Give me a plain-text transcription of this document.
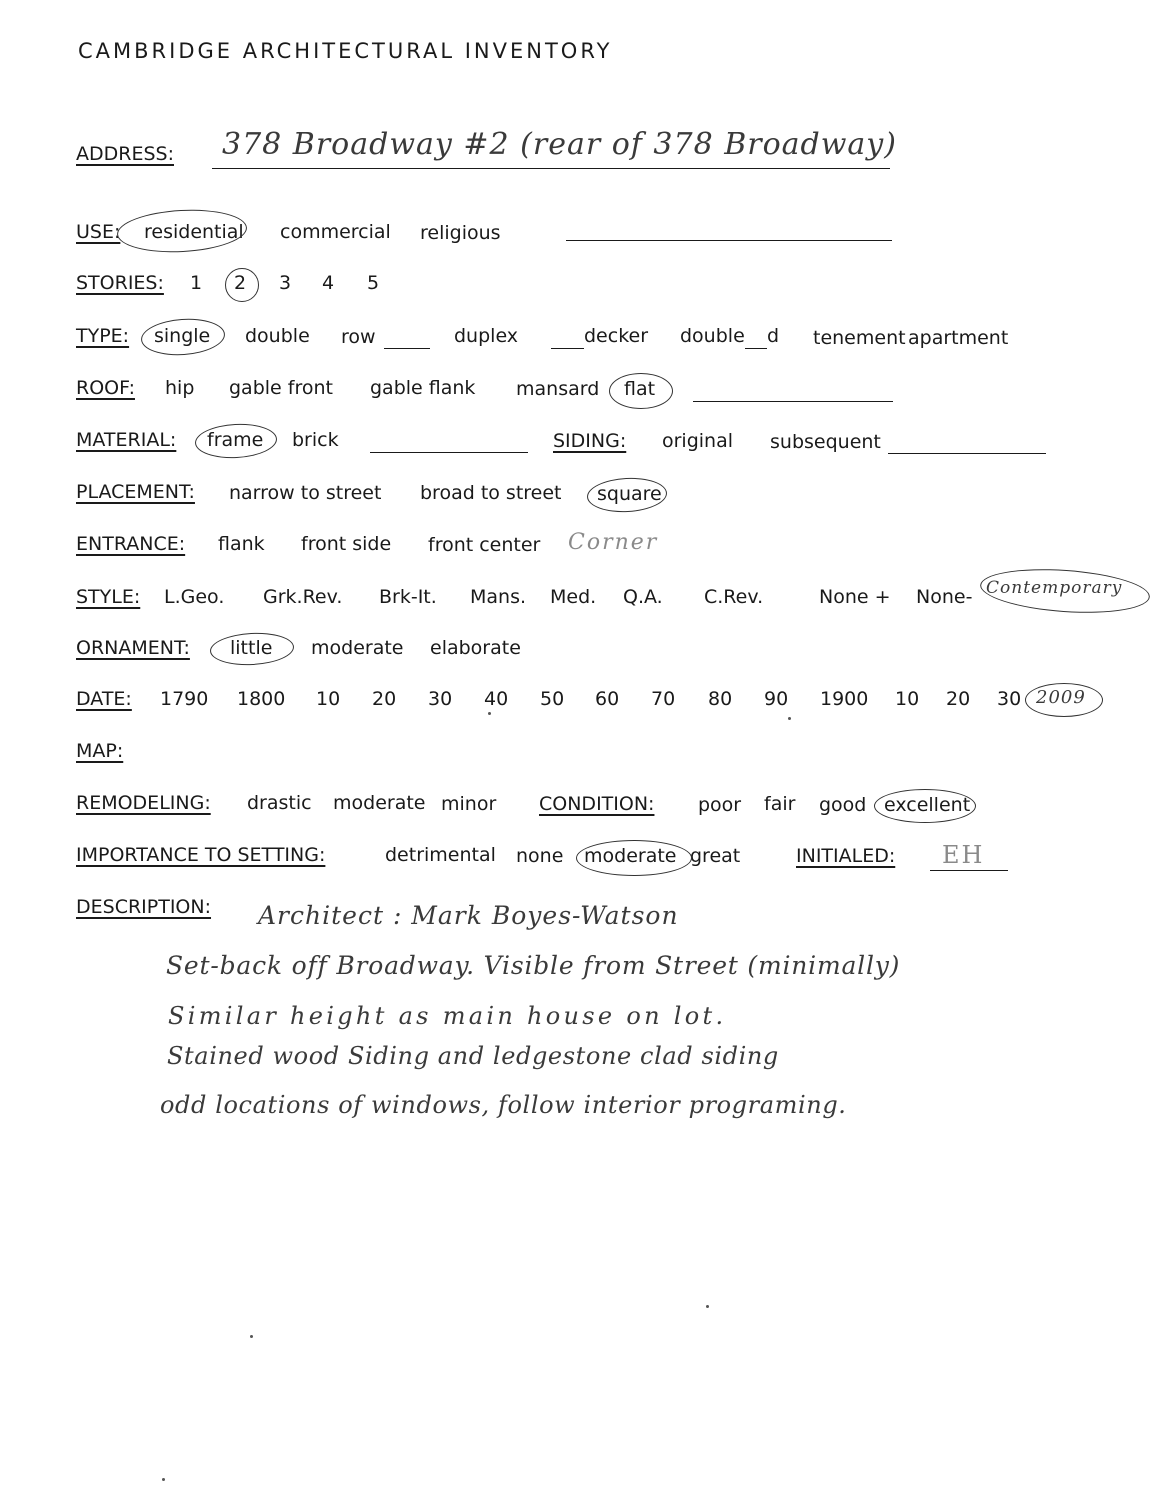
CAMBRIDGE ARCHITECTURAL INVENTORY
ADDRESS: 378 Broadway #2 (rear of 378 Broadway)
USE: residential commercial religious
STORIES: 1 2 3 4 5
TYPE: single double row	duplex	decker double d tenement apartment
ROOF: hip gable front gable flank mansard flat
MATERIAL: frame brick	SIDING: original subsequent
PLACEMENT: narrow to street broad to street square
ENTRANCE: flank front side front center Corner
STYLE: L.Geo. Grk.Rev. Brk-It. Mans. Med. Q.A. C.Rev.	None + None- Contemporary
ORNAMENT: little moderate elaborate
DATE: 1790 1800 10 20 30 40 50 60 70 80 90 1900 10 20 30 2009
MAP:
REMODELING: drastic moderate minor CONDITION: poor fair good excellent
IMPORTANCE TO SETTING:	detrimental none moderate great	INITIALED: EH
DESCRIPTION: Architect : Mark Boyes-Watson
Set-back off Broadway. Visible from Street (minimally)
Similar height as main house on lot.
Stained wood Siding and ledgestone clad siding
odd locations of windows, follow interior programing.
